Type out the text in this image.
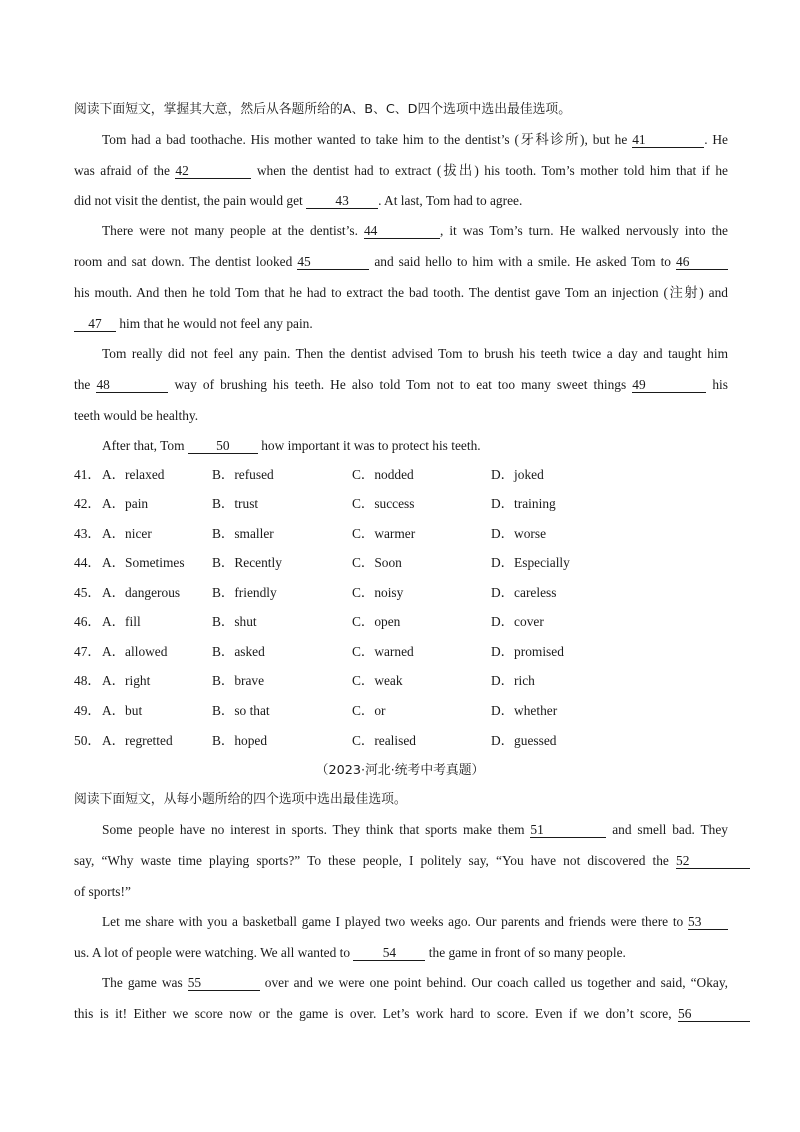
阅读下面短文，掌握其大意，然后从各题所给的A、B、C、D四个选项中选出最佳选项。
Tom had a bad toothache. His mother wanted to take him to the dentist’s (牙科诊所), but he 41	. He
was afraid of the 42	when the dentist had to extract (拔出) his tooth. Tom’s mother told him that if he
did not visit the dentist, the pain would get 43 . At last, Tom had to agree.
There were not many people at the dentist’s. 44	, it was Tom’s turn. He walked nervously into the
room and sat down. The dentist looked 45	and said hello to him with a smile. He asked Tom to 46
his mouth. And then he told Tom that he had to extract the bad tooth. The dentist gave Tom an injection (注射) and
47 him that he would not feel any pain.
Tom really did not feel any pain. Then the dentist advised Tom to brush his teeth twice a day and taught him
the 48	way of brushing his teeth. He also told Tom not to eat too many sweet things 49	his
teeth would be healthy.
After that, Tom 50 how important it was to protect his teeth.
41． A．relaxed	B．refused	C．nodded	D．joked
42． A．pain	B．trust	C．success	D．training
43． A．nicer	B．smaller	C．warmer	D．worse
44． A．Sometimes B．Recently	C．Soon	D．Especially
45． A．dangerous B．friendly	C．noisy	D．careless
46． A．fill	B．shut	C．open	D．cover
47． A．allowed	B．asked	C．warned	D．promised
48． A．right	B．brave	C．weak	D．rich
49． A．but	B．so that	C．or	D．whether
50． A．regretted	B．hoped	C．realised	D．guessed
（2023·河北·统考中考真题）
阅读下面短文，从每小题所给的四个选项中选出最佳选项。
Some people have no interest in sports. They think that sports make them 51	and smell bad. They
say, “Why waste time playing sports?” To these people, I politely say, “You have not discovered the 52
of sports!”
Let me share with you a basketball game I played two weeks ago. Our parents and friends were there to 53
us. A lot of people were watching. We all wanted to 54 the game in front of so many people.
The game was 55	over and we were one point behind. Our coach called us together and said, “Okay,
this is it! Either we score now or the game is over. Let’s work hard to score. Even if we don’t score, 56
